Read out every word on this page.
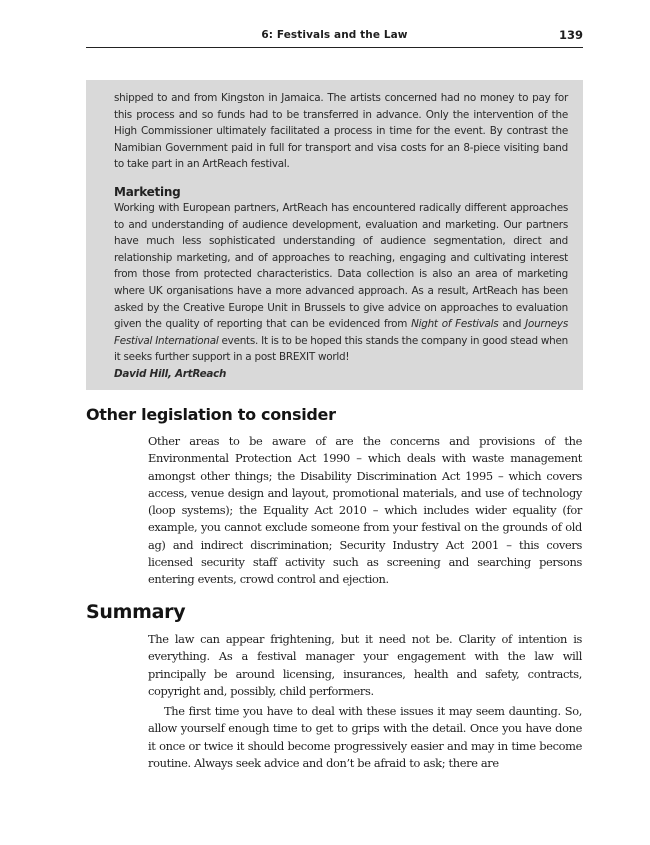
6: Festivals and the Law	139

shipped to and from Kingston in Jamaica. The artists concerned had no money to pay for this process and so funds had to be transferred in advance. Only the intervention of the High Commissioner ultimately facilitated a process in time for the event. By contrast the Namibian Government paid in full for transport and visa costs for an 8-piece visiting band to take part in an ArtReach festival.

Marketing

Working with European partners, ArtReach has encountered radically different approaches to and understanding of audience development, evaluation and marketing. Our partners have much less sophisticated understanding of audience segmentation, direct and relationship marketing, and of approaches to reaching, engaging and cultivating interest from those from protected characteristics. Data collection is also an area of marketing where UK organisations have a more advanced approach. As a result, ArtReach has been asked by the Creative Europe Unit in Brussels to give advice on approaches to evaluation given the quality of reporting that can be evidenced from Night of Festivals and Journeys Festival International events. It is to be hoped this stands the company in good stead when it seeks further support in a post BREXIT world!

David Hill, ArtReach

Other legislation to consider

Other areas to be aware of are the concerns and provisions of the Environmental Protection Act 1990 – which deals with waste management amongst other things; the Disability Discrimination Act 1995 – which covers access, venue design and layout, promotional materials, and use of technology (loop systems); the Equality Act 2010 – which includes wider equality (for example, you cannot exclude someone from your festival on the grounds of old ag) and indirect discrimination; Security Industry Act 2001 – this covers licensed security staff activity such as screening and searching persons entering events, crowd control and ejection.

Summary

The law can appear frightening, but it need not be. Clarity of intention is everything. As a festival manager your engagement with the law will principally be around licensing, insurances, health and safety, contracts, copyright and, possibly, child performers.

The first time you have to deal with these issues it may seem daunting. So, allow yourself enough time to get to grips with the detail. Once you have done it once or twice it should become progressively easier and may in time become routine. Always seek advice and don’t be afraid to ask; there are
